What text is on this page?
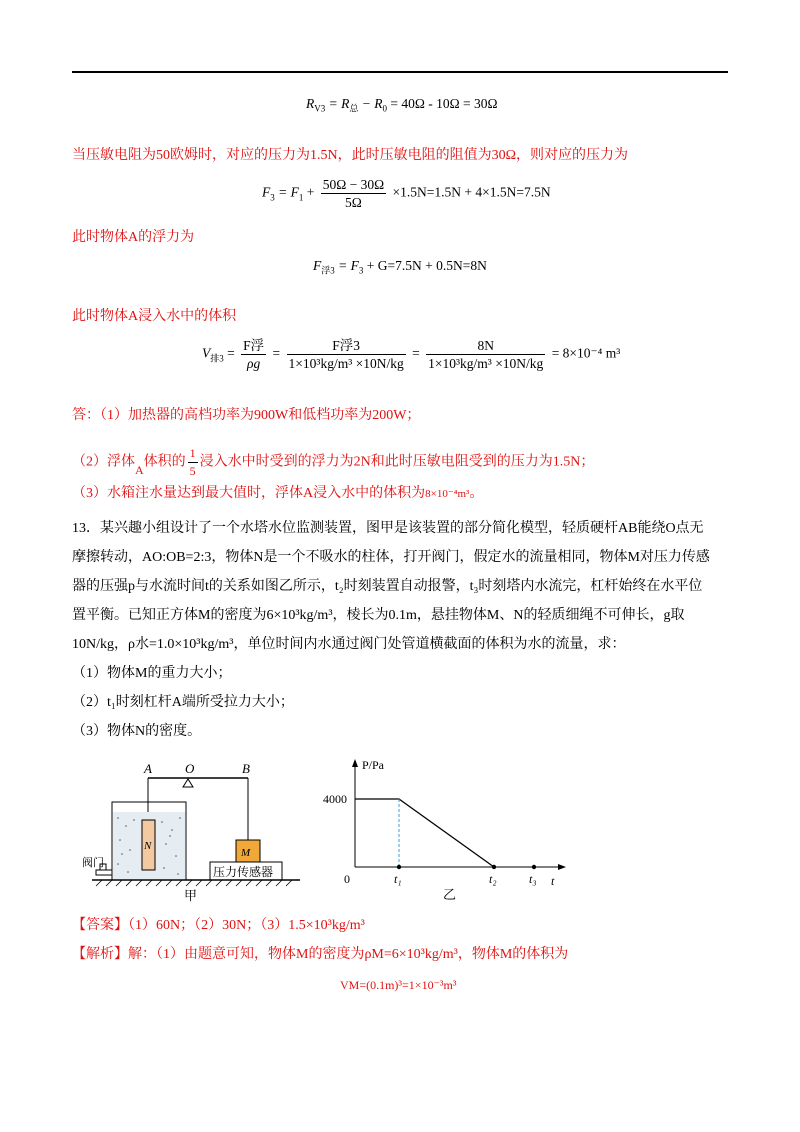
$R_{V3} = R_总 - R_0 = 40\Omega - 10\Omega = 30\Omega$
当压敏电阻为50欧姆时，对应的压力为1.5N，此时压敏电阻的阻值为30Ω，则对应的压力为
$F_3 = F_1 + \frac{50\Omega - 30\Omega}{5\Omega} \times 1.5N=1.5N + 4\times 1.5N=7.5N$
此时物体A的浮力为
$F_{浮3} = F_3 + G=7.5N + 0.5N=8N$
此时物体A浸入水中的体积
$V_{排3} = \frac{\text{F浮}}{\rho g} = \frac{\text{F浮3}}{\text{1×10³kg/m³ ×10N/kg}} = \frac{8N}{\text{1×10³kg/m³ ×10N/kg}} = 8\times 10^{-4}$ m³
答：（1）加热器的高档功率为900W和低档功率为200W；
（2）浮体A体积的 $\frac{1}{5}$ 浸入水中时受到的浮力为2N和此时压敏电阻受到的压力为1.5N；
（3）水箱注水量达到最大值时，浮体A浸入水中的体积为8×10⁻⁴m³。
13．某兴趣小组设计了一个水塔水位监测装置，图甲是该装置的部分简化模型，轻质硬杆AB能绕O点无
摩擦转动，AO:OB=2:3，物体N是一个不吸水的柱体，打开阀门，假定水的流量相同，物体M对压力传感
器的压强p与水流时间t的关系如图乙所示，t₂时刻装置自动报警，t₃时刻塔内水流完，杠杆始终在水平位
置平衡。已知正方体M的密度为6×10³kg/m³，棱长为0.1m，悬挂物体M、N的轻质细绳不可伸长，g取
10N/kg，ρ水=1.0×10³kg/m³，单位时间内水通过阀门处管道横截面的体积为水的流量，求：
（1）物体M的重力大小；
（2）t₁时刻杠杆A端所受拉力大小；
（3）物体N的密度。
A	O	B
N
M
压力传感器
阀门
甲
P/Pa
t
4000
0	t₁	t₂	t₃
乙
【答案】（1）60N；（2）30N；（3）1.5×10³kg/m³
【解析】解：（1）由题意可知，物体M的密度为ρM=6×10³kg/m³，物体M的体积为
VM=(0.1m)³=1×10⁻³m³
